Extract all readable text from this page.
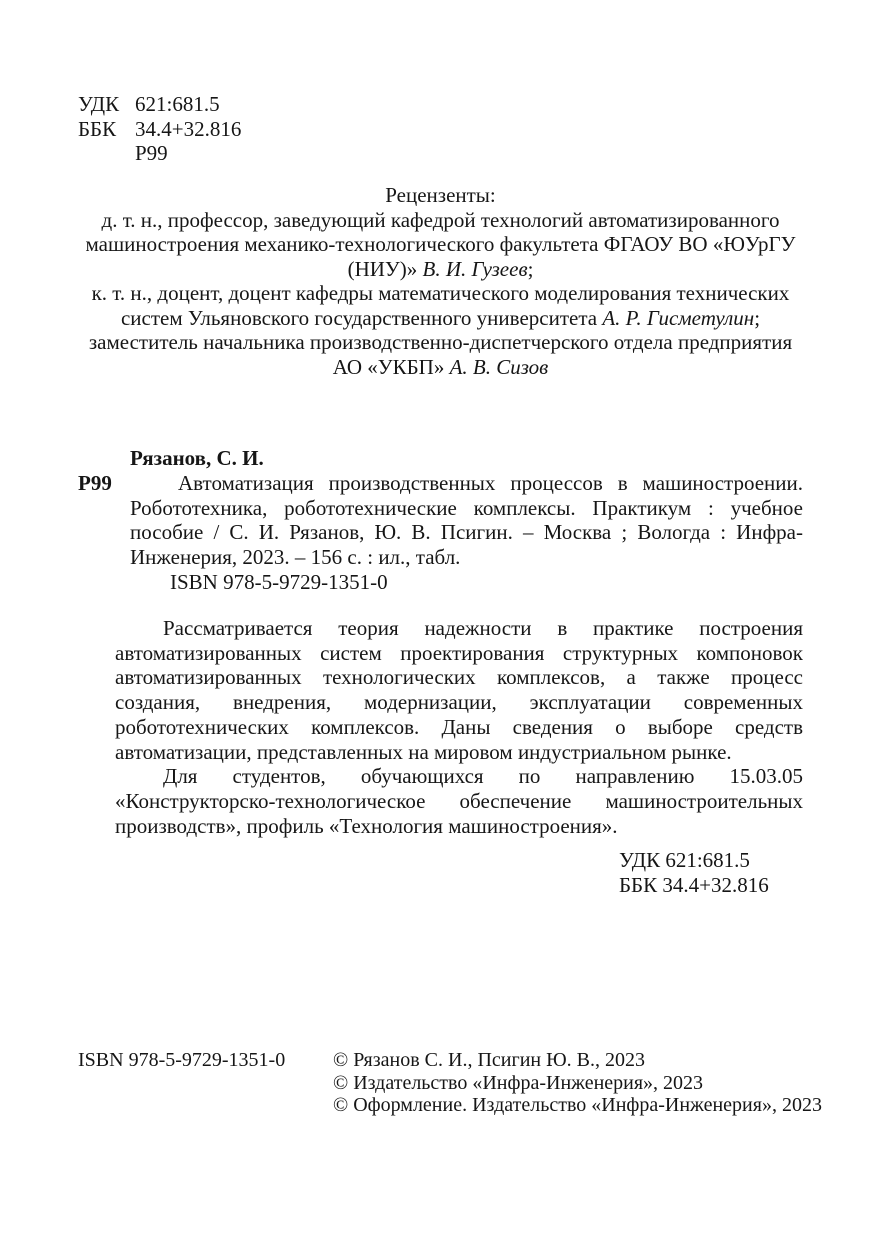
УДК 621:681.5
ББК 34.4+32.816
Р99

Рецензенты:

д. т. н., профессор, заведующий кафедрой технологий автоматизированного машиностроения механико-технологического факультета ФГАОУ ВО «ЮУрГУ (НИУ)» В. И. Гузеев;

к. т. н., доцент, доцент кафедры математического моделирования технических систем Ульяновского государственного университета А. Р. Гисметулин;

заместитель начальника производственно-диспетчерского отдела предприятия АО «УКБП» А. В. Сизов

Рязанов, С. И.

Р99	Автоматизация производственных процессов в машиностроении. Робототехника, робототехнические комплексы. Практикум : учебное пособие / С. И. Рязанов, Ю. В. Псигин. – Москва ; Вологда : Инфра-Инженерия, 2023. – 156 с. : ил., табл.

ISBN 978-5-9729-1351-0

Рассматривается теория надежности в практике построения автоматизированных систем проектирования структурных компоновок автоматизированных технологических комплексов, а также процесс создания, внедрения, модернизации, эксплуатации современных робототехнических комплексов. Даны сведения о выборе средств автоматизации, представленных на мировом индустриальном рынке.

Для студентов, обучающихся по направлению 15.03.05 «Конструкторско-технологическое обеспечение машиностроительных производств», профиль «Технология машиностроения».

УДК 621:681.5
ББК 34.4+32.816
ISBN 978-5-9729-1351-0 © Рязанов С. И., Псигин Ю. В., 2023
© Издательство «Инфра-Инженерия», 2023
© Оформление. Издательство «Инфра-Инженерия», 2023
